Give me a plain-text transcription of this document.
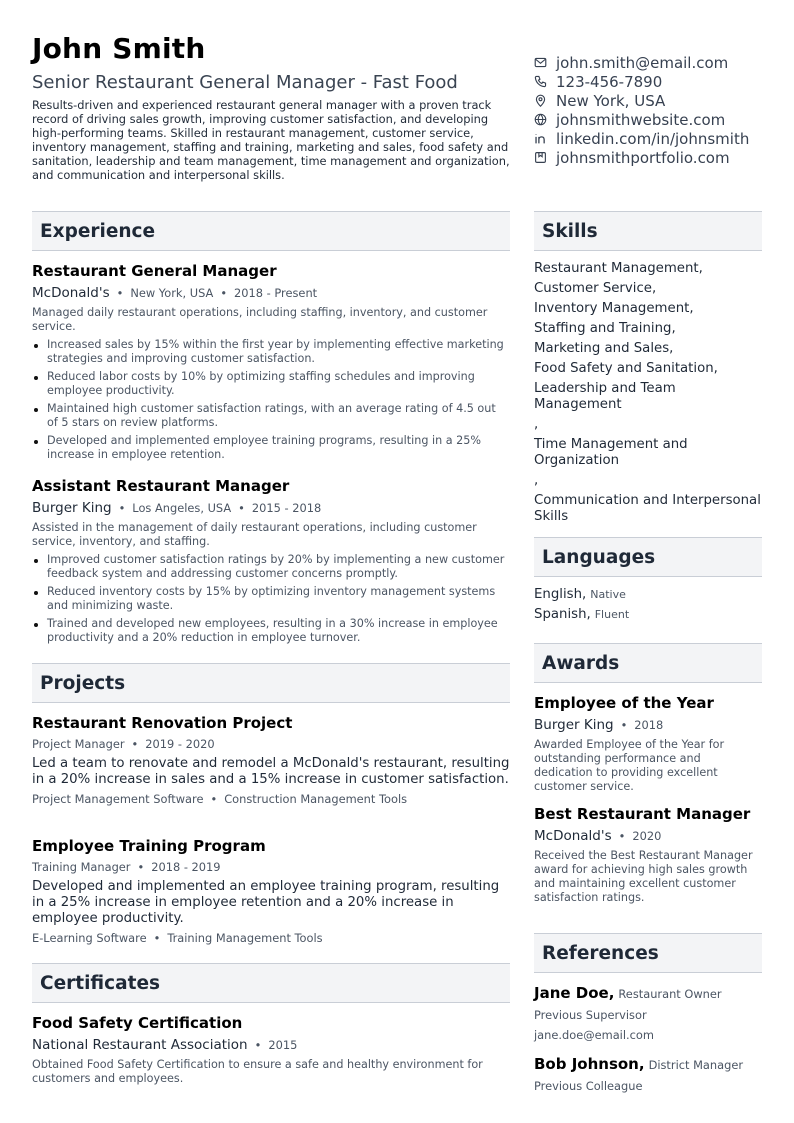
John Smith
Senior Restaurant General Manager - Fast Food
Results-driven and experienced restaurant general manager with a proven track record of driving sales growth, improving customer satisfaction, and developing high-performing teams. Skilled in restaurant management, customer service, inventory management, staffing and training, marketing and sales, food safety and sanitation, leadership and team management, time management and organization, and communication and interpersonal skills.
john.smith@email.com
123-456-7890
New York, USA
johnsmithwebsite.com
linkedin.com/in/johnsmith
johnsmithportfolio.com
Experience
Restaurant General Manager
McDonald's • New York, USA • 2018 - Present
Managed daily restaurant operations, including staffing, inventory, and customer service.
Increased sales by 15% within the first year by implementing effective marketing strategies and improving customer satisfaction.
Reduced labor costs by 10% by optimizing staffing schedules and improving employee productivity.
Maintained high customer satisfaction ratings, with an average rating of 4.5 out of 5 stars on review platforms.
Developed and implemented employee training programs, resulting in a 25% increase in employee retention.
Assistant Restaurant Manager
Burger King • Los Angeles, USA • 2015 - 2018
Assisted in the management of daily restaurant operations, including customer service, inventory, and staffing.
Improved customer satisfaction ratings by 20% by implementing a new customer feedback system and addressing customer concerns promptly.
Reduced inventory costs by 15% by optimizing inventory management systems and minimizing waste.
Trained and developed new employees, resulting in a 30% increase in employee productivity and a 20% reduction in employee turnover.
Projects
Restaurant Renovation Project
Project Manager • 2019 - 2020
Led a team to renovate and remodel a McDonald's restaurant, resulting in a 20% increase in sales and a 15% increase in customer satisfaction.
Project Management Software • Construction Management Tools
Employee Training Program
Training Manager • 2018 - 2019
Developed and implemented an employee training program, resulting in a 25% increase in employee retention and a 20% increase in employee productivity.
E-Learning Software • Training Management Tools
Certificates
Food Safety Certification
National Restaurant Association • 2015
Obtained Food Safety Certification to ensure a safe and healthy environment for customers and employees.
Skills
Restaurant Management,
Customer Service,
Inventory Management,
Staffing and Training,
Marketing and Sales,
Food Safety and Sanitation,
Leadership and Team Management
,
Time Management and Organization
,
Communication and Interpersonal Skills
Languages
English, Native
Spanish, Fluent
Awards
Employee of the Year
Burger King • 2018
Awarded Employee of the Year for outstanding performance and dedication to providing excellent customer service.
Best Restaurant Manager
McDonald's • 2020
Received the Best Restaurant Manager award for achieving high sales growth and maintaining excellent customer satisfaction ratings.
References
Jane Doe, Restaurant Owner
Previous Supervisor
jane.doe@email.com
Bob Johnson, District Manager
Previous Colleague
